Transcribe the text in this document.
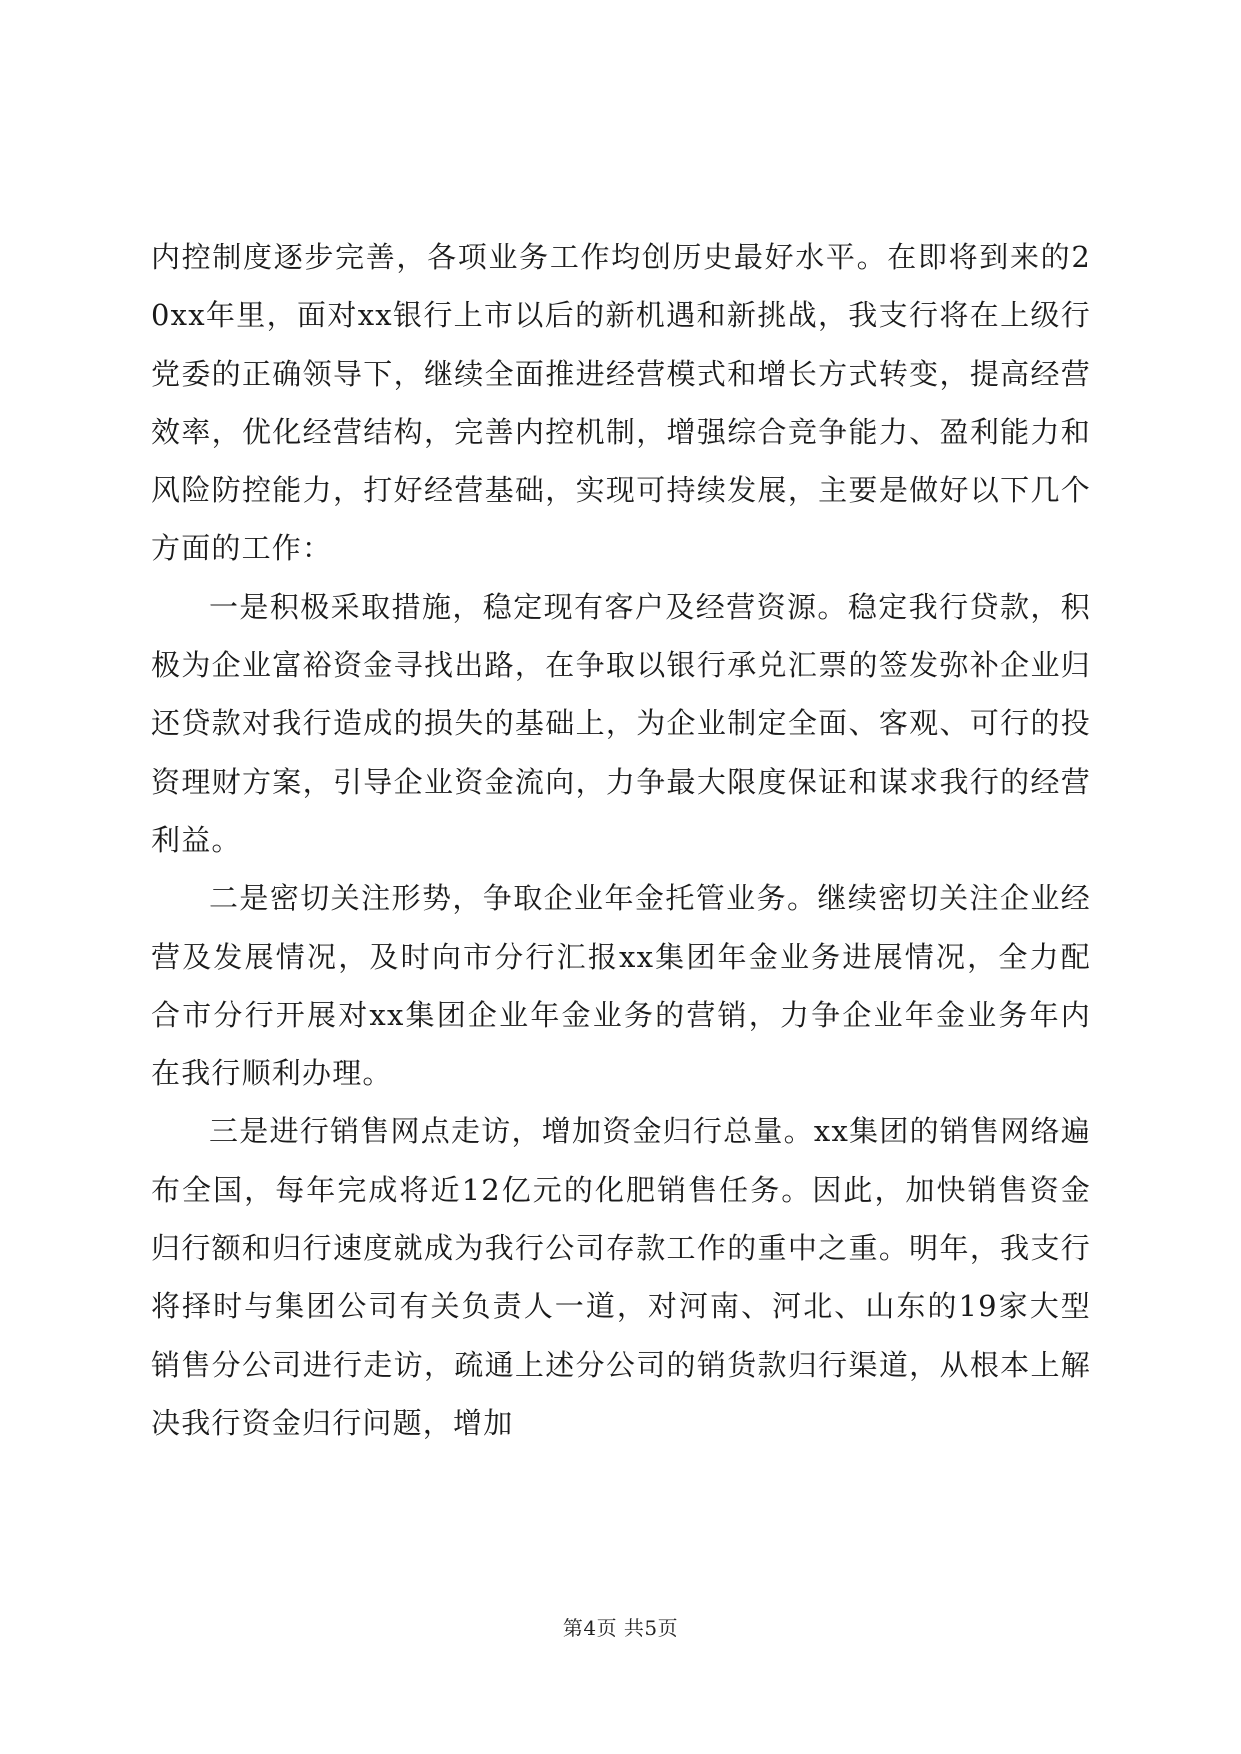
内控制度逐步完善，各项业务工作均创历史最好水平。在即将到来的20xx年里，面对xx银行上市以后的新机遇和新挑战，我支行将在上级行党委的正确领导下，继续全面推进经营模式和增长方式转变，提高经营效率，优化经营结构，完善内控机制，增强综合竞争能力、盈利能力和风险防控能力，打好经营基础，实现可持续发展，主要是做好以下几个方面的工作：

一是积极采取措施，稳定现有客户及经营资源。稳定我行贷款，积极为企业富裕资金寻找出路，在争取以银行承兑汇票的签发弥补企业归还贷款对我行造成的损失的基础上，为企业制定全面、客观、可行的投资理财方案，引导企业资金流向，力争最大限度保证和谋求我行的经营利益。

二是密切关注形势，争取企业年金托管业务。继续密切关注企业经营及发展情况，及时向市分行汇报xx集团年金业务进展情况，全力配合市分行开展对xx集团企业年金业务的营销，力争企业年金业务年内在我行顺利办理。

三是进行销售网点走访，增加资金归行总量。xx集团的销售网络遍布全国，每年完成将近12亿元的化肥销售任务。因此，加快销售资金归行额和归行速度就成为我行公司存款工作的重中之重。明年，我支行将择时与集团公司有关负责人一道，对河南、河北、山东的19家大型销售分公司进行走访，疏通上述分公司的销货款归行渠道，从根本上解决我行资金归行问题，增加

第4页 共5页
